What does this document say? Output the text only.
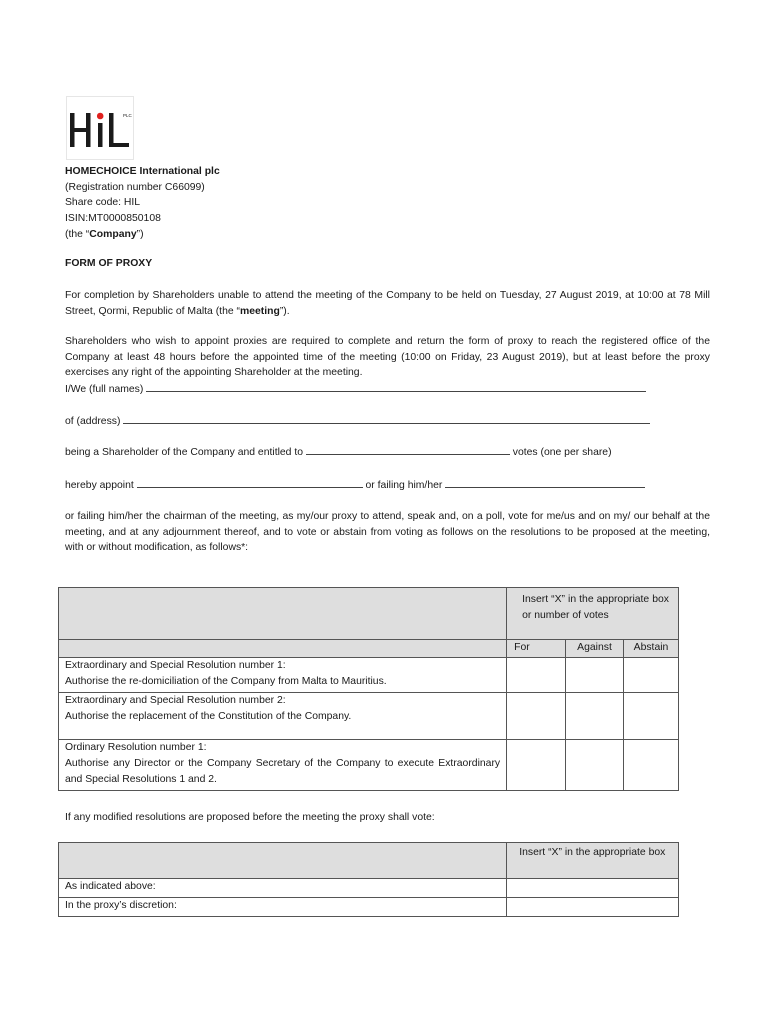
PLC
HOMECHOICE International plc
(Registration number C66099)
Share code: HIL
ISIN:MT0000850108
(the “Company”)
FORM OF PROXY
For completion by Shareholders unable to attend the meeting of the Company to be held on Tuesday, 27 August 2019, at 10:00 at 78 Mill Street, Qormi, Republic of Malta (the “meeting”).
Shareholders who wish to appoint proxies are required to complete and return the form of proxy to reach the registered office of the Company at least 48 hours before the appointed time of the meeting (10:00 on Friday, 23 August 2019), but at least before the proxy exercises any right of the appointing Shareholder at the meeting.
I/We (full names)
of (address)
being a Shareholder of the Company and entitled to	votes (one per share)
hereby appoint	or failing him/her
or failing him/her the chairman of the meeting, as my/our proxy to attend, speak and, on a poll, vote for me/us and on my/ our behalf at the meeting, and at any adjournment thereof, and to vote or abstain from voting as follows on the resolutions to be proposed at the meeting, with or without modification, as follows*:
	Insert “X” in the appropriate box or number of votes		
	For	Against	Abstain

Extraordinary and Special Resolution number 1:
Authorise the re-domiciliation of the Company from Malta to Mauritius.			

Extraordinary and Special Resolution number 2:
Authorise the replacement of the Constitution of the Company.			

Ordinary Resolution number 1:
Authorise any Director or the Company Secretary of the Company to execute Extraordinary and Special Resolutions 1 and 2.			

If any modified resolutions are proposed before the meeting the proxy shall vote:
	Insert “X” in the appropriate box
As indicated above:	
In the proxy’s discretion:	
